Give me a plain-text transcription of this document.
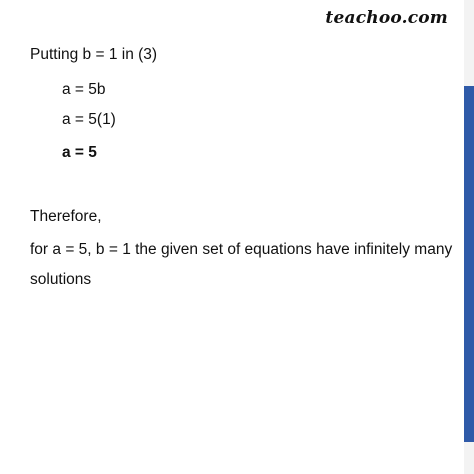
teachoo.com
Putting b = 1 in (3)
a = 5b
a = 5(1)
a = 5
Therefore,
for a = 5, b = 1 the given set of equations have infinitely many
solutions
